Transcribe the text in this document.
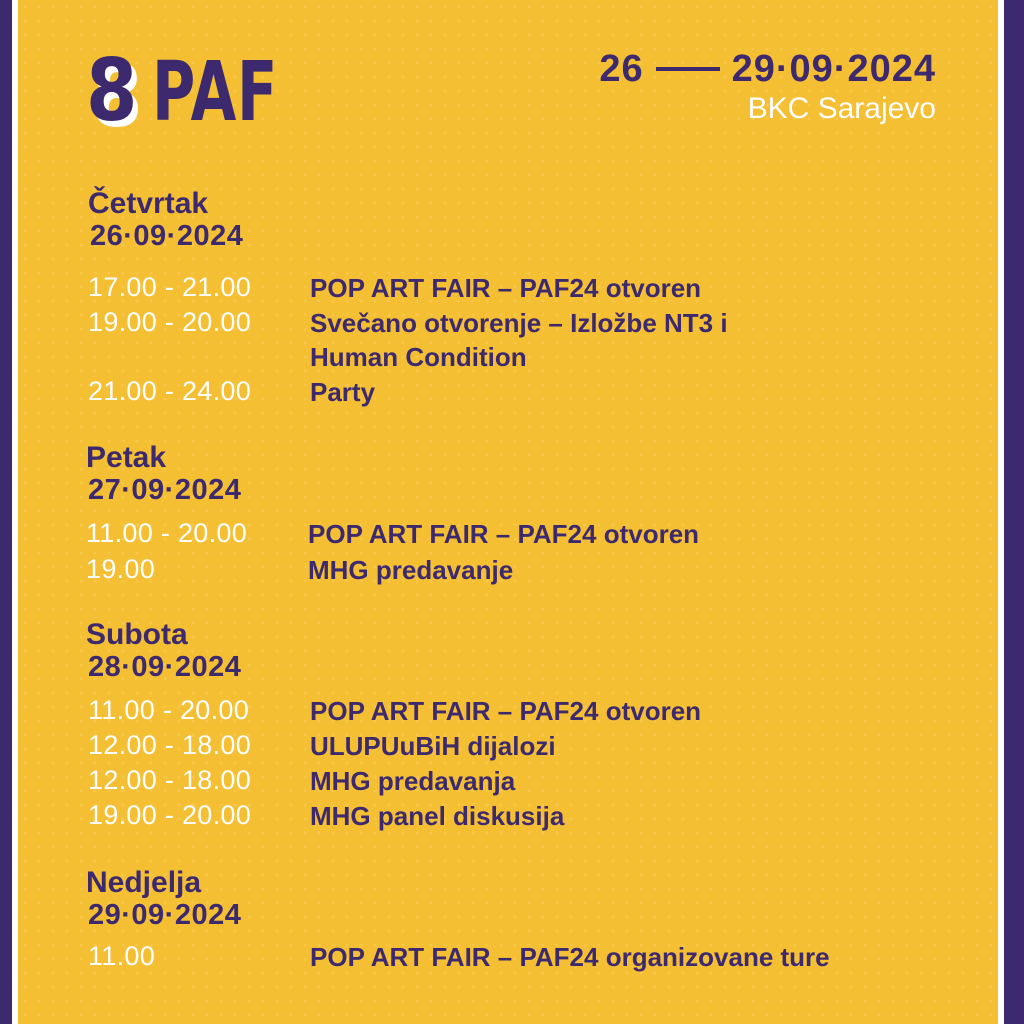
8 PAF	26 29·09·2024
BKC Sarajevo
Četvrtak
26·09·2024
17.00 - 21.00	POP ART FAIR – PAF24 otvoren
19.00 - 20.00	Svečano otvorenje – Izložbe NT3 i
Human Condition
21.00 - 24.00	Party
Petak
27·09·2024
11.00 - 20.00	POP ART FAIR – PAF24 otvoren
19.00	MHG predavanje
Subota
28·09·2024
11.00 - 20.00	POP ART FAIR – PAF24 otvoren
12.00 - 18.00	ULUPUuBiH dijalozi
12.00 - 18.00	MHG predavanja
19.00 - 20.00	MHG panel diskusija
Nedjelja
29·09·2024
11.00	POP ART FAIR – PAF24 organizovane ture
